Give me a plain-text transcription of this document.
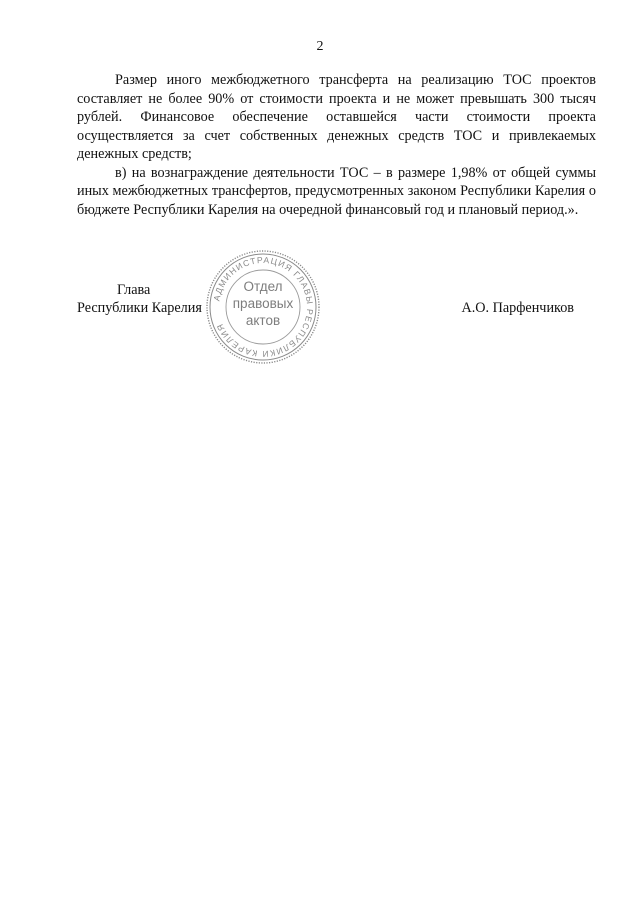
2

Размер иного межбюджетного трансферта на реализацию ТОС проектов составляет не более 90% от стоимости проекта и не может превышать 300 тысяч рублей. Финансовое обеспечение оставшейся части стоимости проекта осуществляется за счет собственных денежных средств ТОС и привлекаемых денежных средств;

в) на вознаграждение деятельности ТОС – в размере 1,98% от общей суммы иных межбюджетных трансфертов, предусмотренных законом Республики Карелия о бюджете Республики Карелия на очередной финансовый год и плановый период.».

Глава
Республики Карелия	А.О. Парфенчиков
АДМИНИСТРАЦИЯ ГЛАВЫ РЕСПУБЛИКИ КАРЕЛИЯ
Отдел
правовых
актов
